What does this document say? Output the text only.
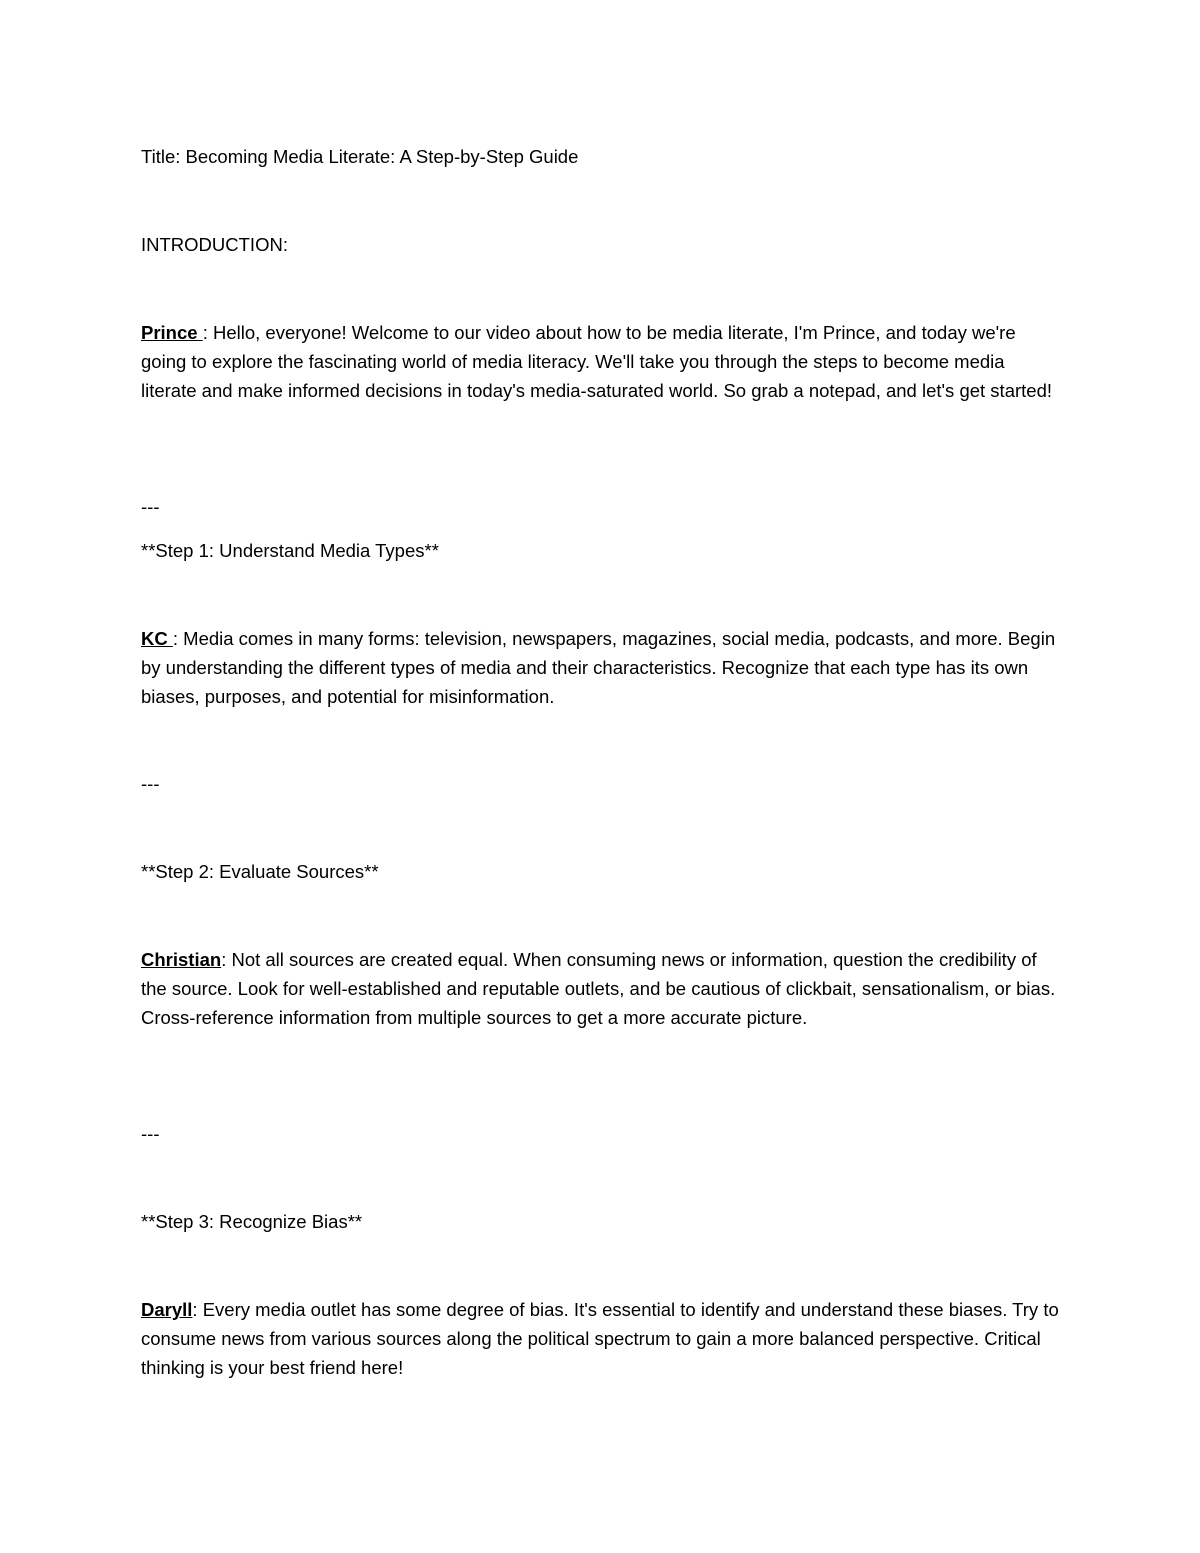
Title: Becoming Media Literate: A Step-by-Step Guide

INTRODUCTION:

Prince : Hello, everyone! Welcome to our video about how to be media literate, I'm Prince, and today we're going to explore the fascinating world of media literacy. We'll take you through the steps to become media literate and make informed decisions in today's media-saturated world. So grab a notepad, and let's get started!

---

**Step 1: Understand Media Types**

KC : Media comes in many forms: television, newspapers, magazines, social media, podcasts, and more. Begin by understanding the different types of media and their characteristics. Recognize that each type has its own biases, purposes, and potential for misinformation.

---

**Step 2: Evaluate Sources**

Christian: Not all sources are created equal. When consuming news or information, question the credibility of the source. Look for well-established and reputable outlets, and be cautious of clickbait, sensationalism, or bias. Cross-reference information from multiple sources to get a more accurate picture.

---

**Step 3: Recognize Bias**

Daryll: Every media outlet has some degree of bias. It's essential to identify and understand these biases. Try to consume news from various sources along the political spectrum to gain a more balanced perspective. Critical thinking is your best friend here!
